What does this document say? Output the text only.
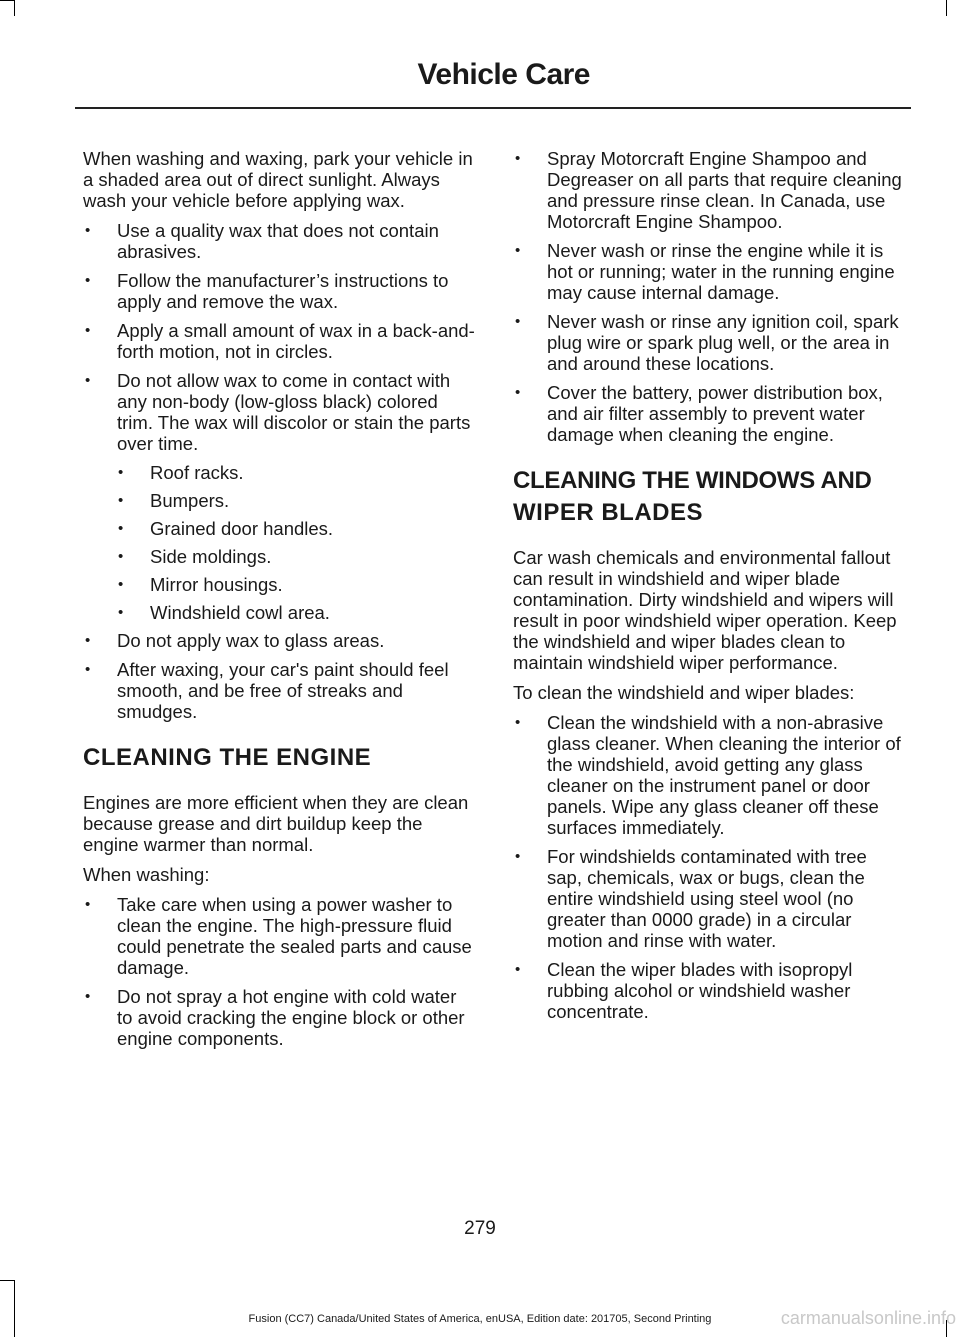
Vehicle Care

When washing and waxing, park your vehicle in a shaded area out of direct sunlight. Always wash your vehicle before applying wax.

• Use a quality wax that does not contain abrasives.
• Follow the manufacturer’s instructions to apply and remove the wax.
• Apply a small amount of wax in a back-and-forth motion, not in circles.
• Do not allow wax to come in contact with any non-body (low-gloss black) colored trim. The wax will discolor or stain the parts over time.
• Roof racks.
• Bumpers.
• Grained door handles.
• Side moldings.
• Mirror housings.
• Windshield cowl area.
• Do not apply wax to glass areas.
• After waxing, your car's paint should feel smooth, and be free of streaks and smudges.
CLEANING THE ENGINE

Engines are more efficient when they are clean because grease and dirt buildup keep the engine warmer than normal.

When washing:

• Take care when using a power washer to clean the engine. The high-pressure fluid could penetrate the sealed parts and cause damage.
• Do not spray a hot engine with cold water to avoid cracking the engine block or other engine components.
• Spray Motorcraft Engine Shampoo and Degreaser on all parts that require cleaning and pressure rinse clean. In Canada, use Motorcraft Engine Shampoo.
• Never wash or rinse the engine while it is hot or running; water in the running engine may cause internal damage.
• Never wash or rinse any ignition coil, spark plug wire or spark plug well, or the area in and around these locations.
• Cover the battery, power distribution box, and air filter assembly to prevent water damage when cleaning the engine.
CLEANING THE WINDOWS AND
WIPER BLADES

Car wash chemicals and environmental fallout can result in windshield and wiper blade contamination. Dirty windshield and wipers will result in poor windshield wiper operation. Keep the windshield and wiper blades clean to maintain windshield wiper performance.

To clean the windshield and wiper blades:

• Clean the windshield with a non-abrasive glass cleaner. When cleaning the interior of the windshield, avoid getting any glass cleaner on the instrument panel or door panels. Wipe any glass cleaner off these surfaces immediately.
• For windshields contaminated with tree sap, chemicals, wax or bugs, clean the entire windshield using steel wool (no greater than 0000 grade) in a circular motion and rinse with water.
• Clean the wiper blades with isopropyl rubbing alcohol or windshield washer concentrate.
279
Fusion (CC7) Canada/United States of America, enUSA, Edition date: 201705, Second Printing	carmanualsonline.info
